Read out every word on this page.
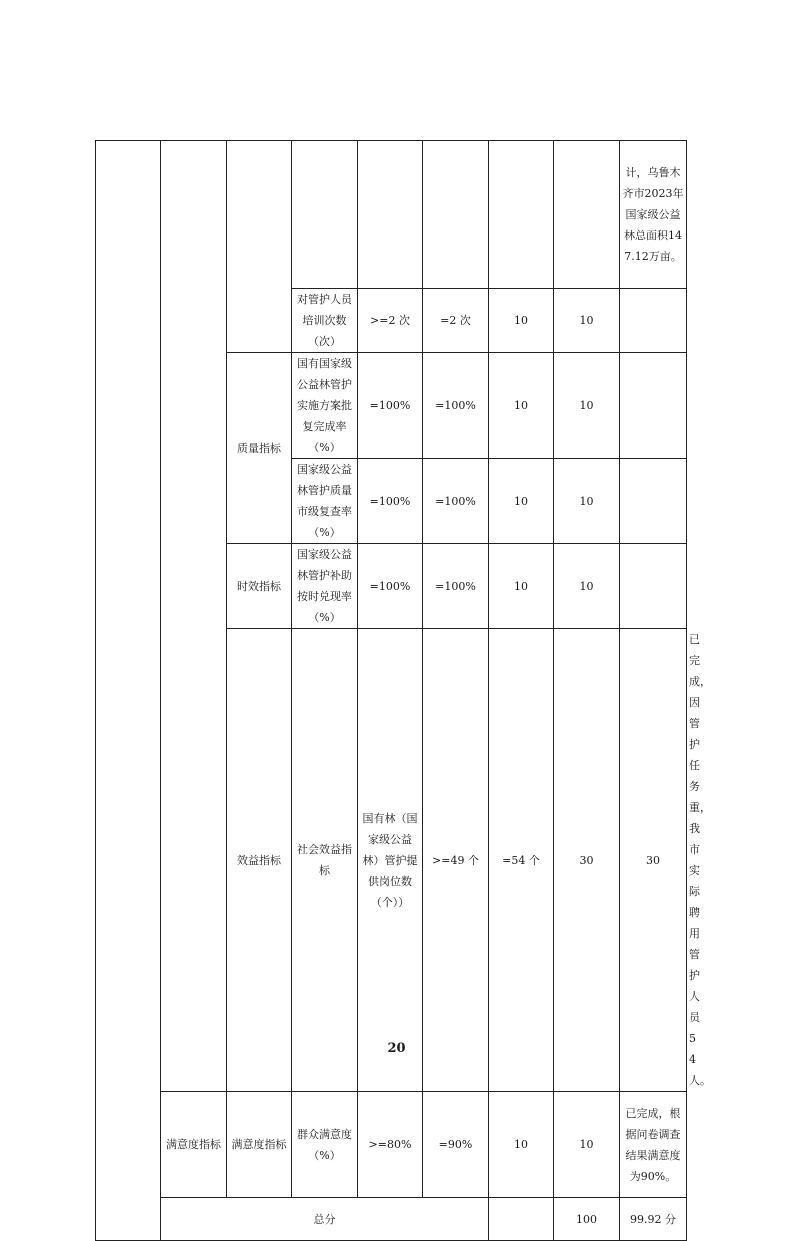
								计，乌鲁木齐市2023年国家级公益林总面积147.12万亩。	
			对管护人员培训次数（次）	>=2 次	=2 次	10	10		
		质量指标	国有国家级公益林管护实施方案批复完成率（%）	=100%	=100%	10	10		
			国家级公益林管护质量市级复查率（%）	=100%	=100%	10	10		
		时效指标	国家级公益林管护补助按时兑现率（%）	=100%	=100%	10	10		
		效益指标	社会效益指标	国有林（国家级公益林）管护提供岗位数（个））	>=49 个	=54 个	30	30	已完成，因管护任务重，我市实际聘用管护人员54人。
	满意度指标	满意度指标	群众满意度（%）	>=80%	=90%	10	10	已完成，根据问卷调查结果满意度为90%。	
	总分						100	99.92 分	
20
